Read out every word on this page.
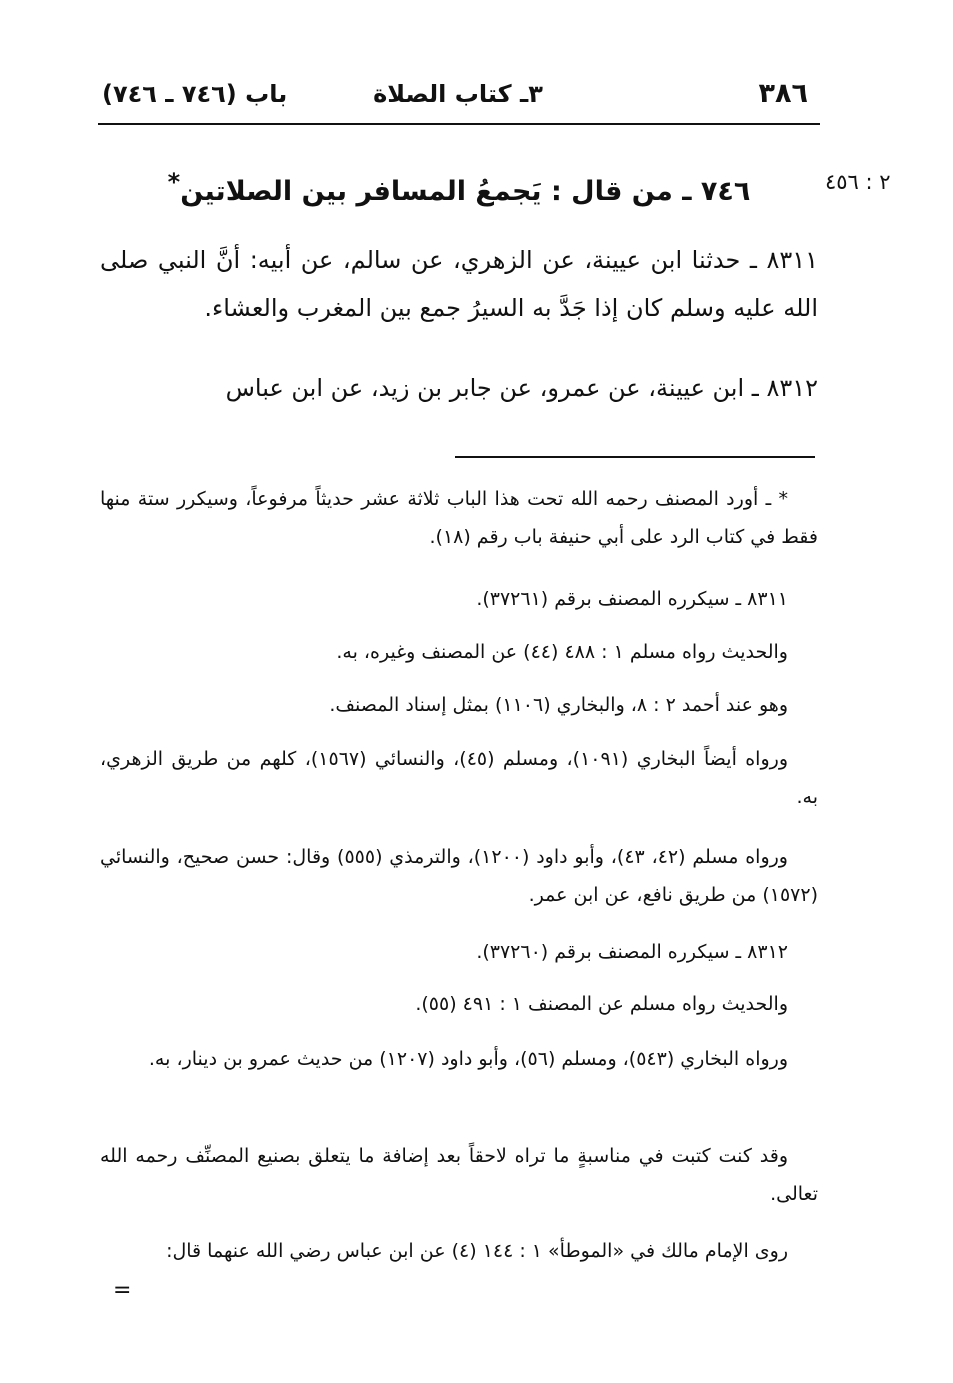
٣٨٦
٣ـ كتاب الصلاة
باب (٧٤٦ ـ ٧٤٦)
٢ : ٤٥٦
٧٤٦ ـ من قال : يَجمعُ المسافر بين الصلاتين*
٨٣١١ ـ حدثنا ابن عيينة، عن الزهري، عن سالم، عن أبيه: أنَّ النبي صلى الله عليه وسلم كان إذا جَدَّ به السيرُ جمع بين المغرب والعشاء.
٨٣١٢ ـ ابن عيينة، عن عمرو، عن جابر بن زيد، عن ابن عباس
* ـ أورد المصنف رحمه الله تحت هذا الباب ثلاثة عشر حديثاً مرفوعاً، وسيكرر ستة منها فقط في كتاب الرد على أبي حنيفة باب رقم (١٨).
٨٣١١ ـ سيكرره المصنف برقم (٣٧٢٦١).
والحديث رواه مسلم ١ : ٤٨٨ (٤٤) عن المصنف وغيره، به.
وهو عند أحمد ٢ : ٨، والبخاري (١١٠٦) بمثل إسناد المصنف.
ورواه أيضاً البخاري (١٠٩١)، ومسلم (٤٥)، والنسائي (١٥٦٧)، كلهم من طريق الزهري، به.
ورواه مسلم (٤٢، ٤٣)، وأبو داود (١٢٠٠)، والترمذي (٥٥٥) وقال: حسن صحيح، والنسائي (١٥٧٢) من طريق نافع، عن ابن عمر.
٨٣١٢ ـ سيكرره المصنف برقم (٣٧٢٦٠).
والحديث رواه مسلم عن المصنف ١ : ٤٩١ (٥٥).
ورواه البخاري (٥٤٣)، ومسلم (٥٦)، وأبو داود (١٢٠٧) من حديث عمرو بن دينار، به.
وقد كنت كتبت في مناسبةٍ ما تراه لاحقاً بعد إضافة ما يتعلق بصنيع المصنِّف رحمه الله تعالى.
روى الإمام مالك في «الموطأ» ١ : ١٤٤ (٤) عن ابن عباس رضي الله عنهما قال:
=
